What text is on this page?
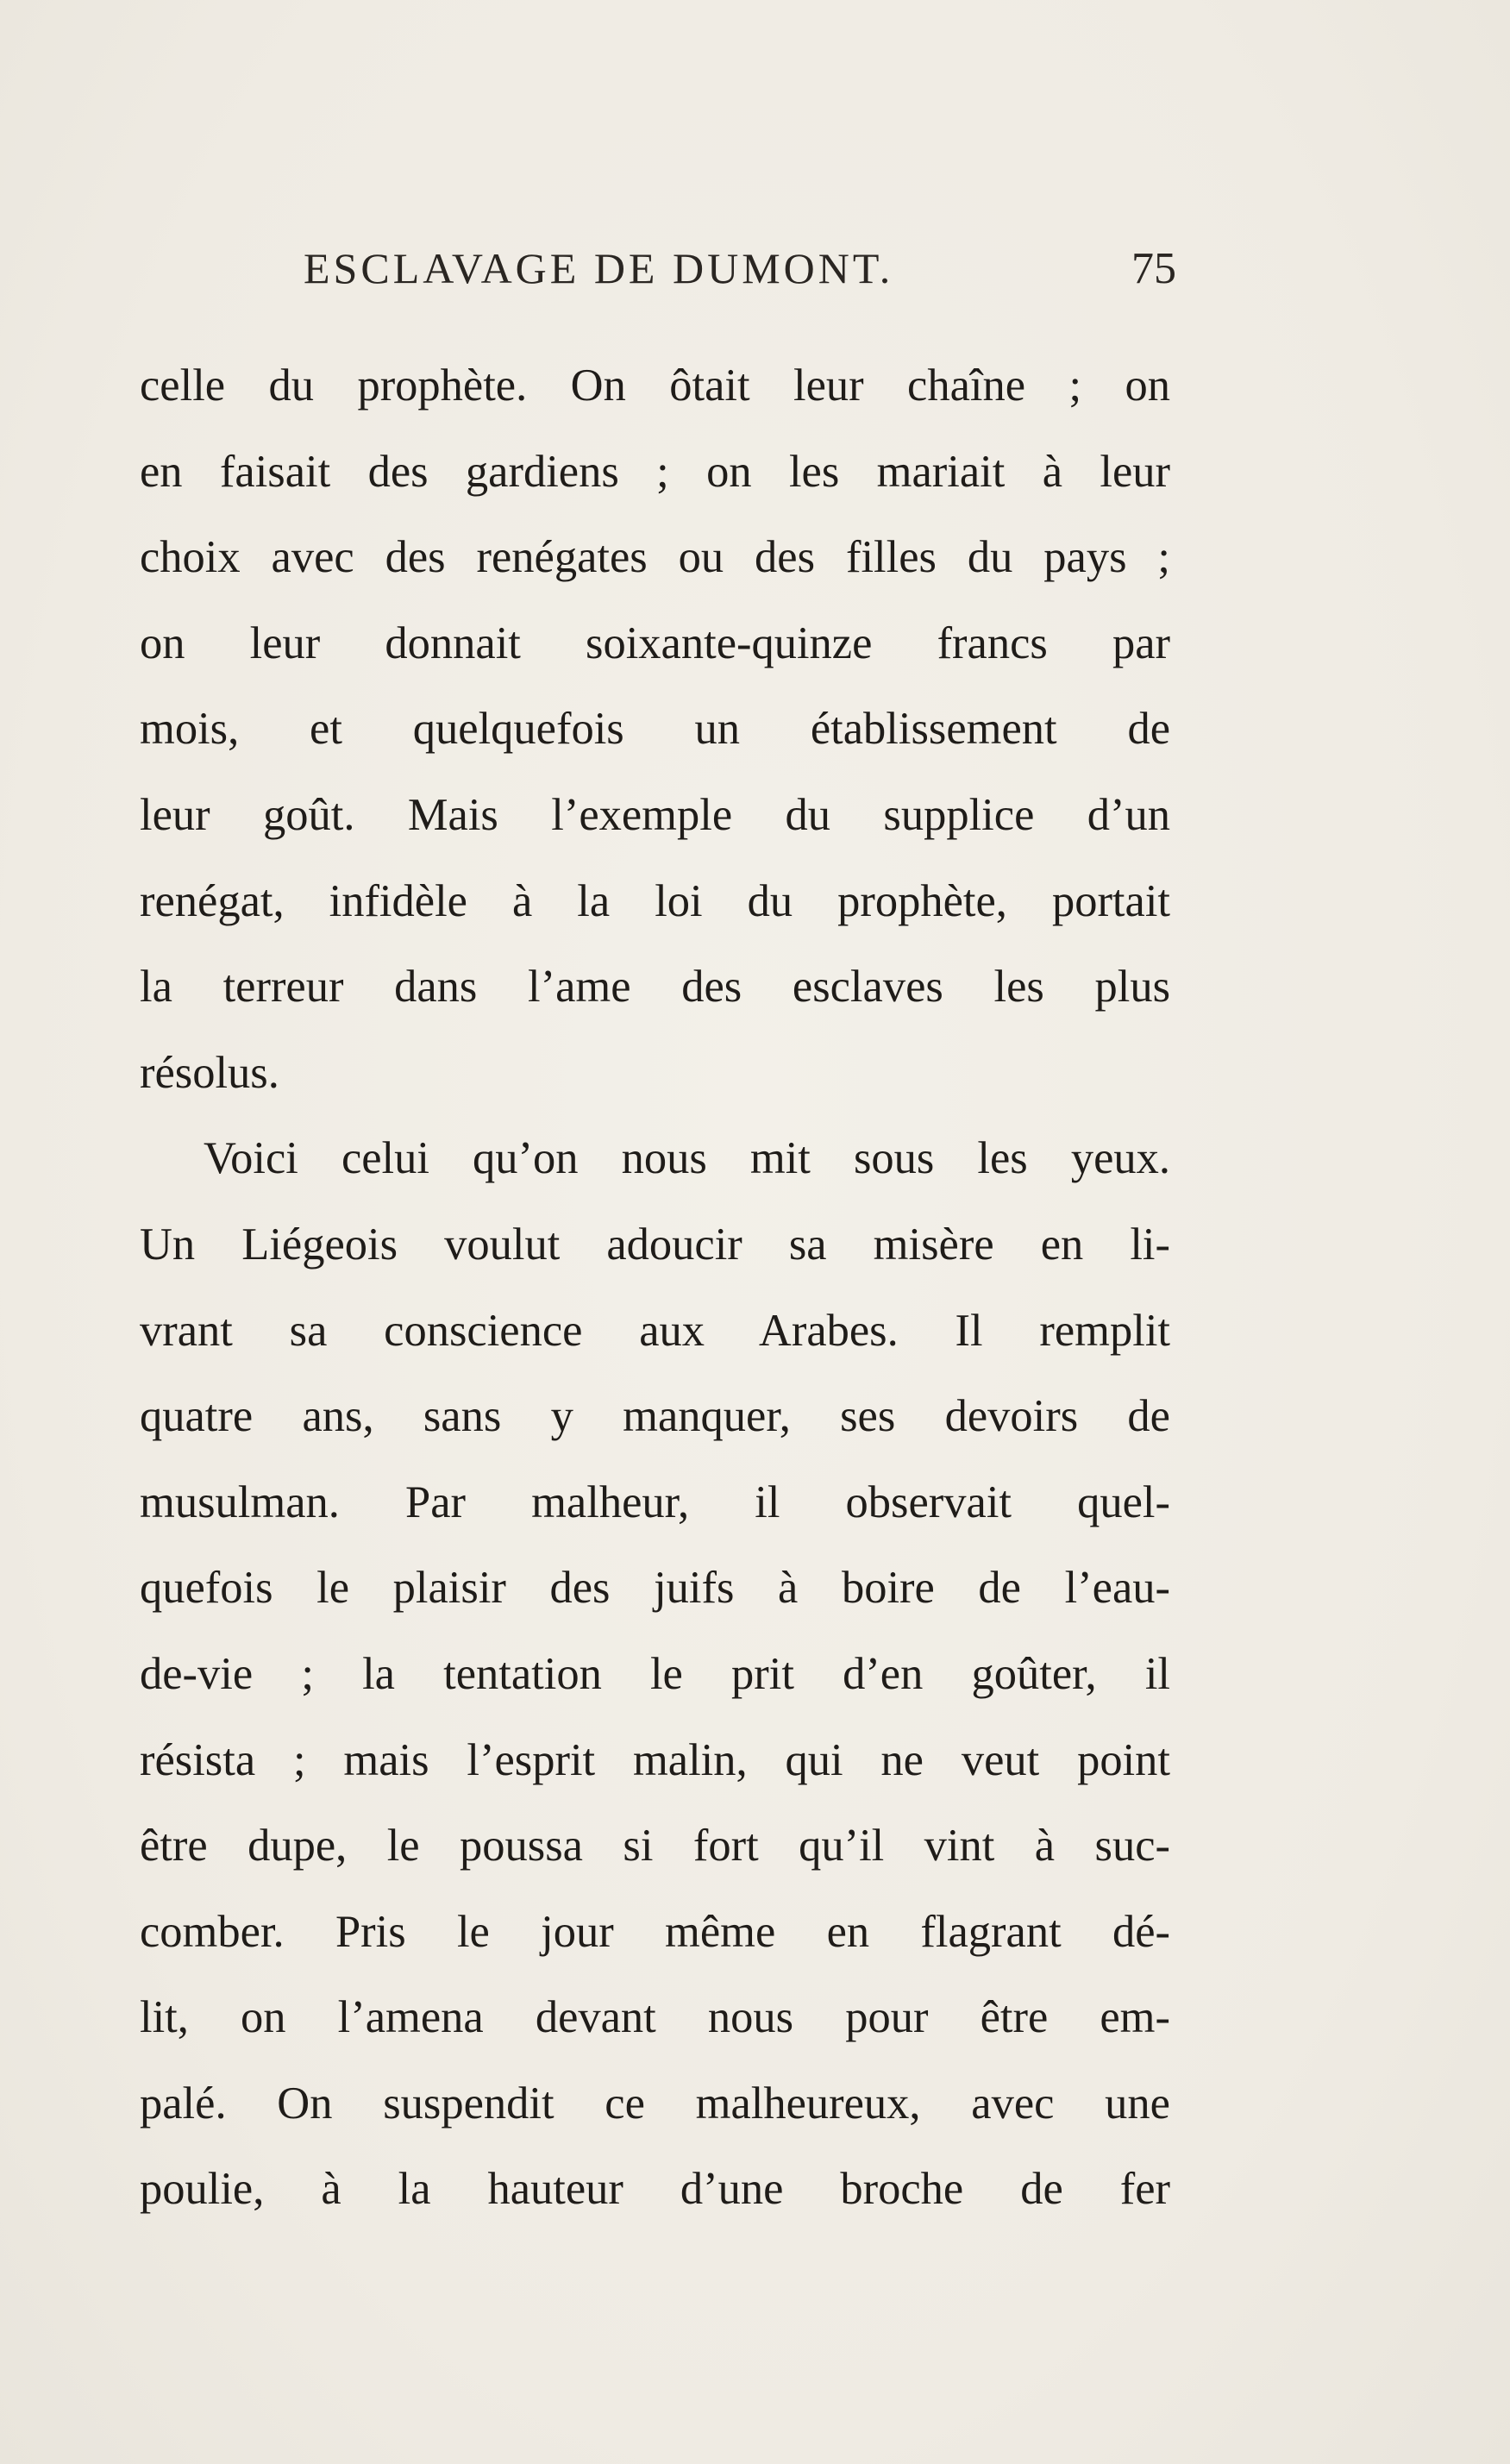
ESCLAVAGE DE DUMONT.	75
celle du prophète. On ôtait leur chaîne ; on
en faisait des gardiens ; on les mariait à leur
choix avec des renégates ou des filles du pays ;
on leur donnait soixante-quinze francs par
mois, et quelquefois un établissement de
leur goût. Mais l’exemple du supplice d’un
renégat, infidèle à la loi du prophète, portait
la terreur dans l’ame des esclaves les plus
résolus.
Voici celui qu’on nous mit sous les yeux.
Un Liégeois voulut adoucir sa misère en li-
vrant sa conscience aux Arabes. Il remplit
quatre ans, sans y manquer, ses devoirs de
musulman. Par malheur, il observait quel-
quefois le plaisir des juifs à boire de l’eau-
de-vie ; la tentation le prit d’en goûter, il
résista ; mais l’esprit malin, qui ne veut point
être dupe, le poussa si fort qu’il vint à suc-
comber. Pris le jour même en flagrant dé-
lit, on l’amena devant nous pour être em-
palé. On suspendit ce malheureux, avec une
poulie, à la hauteur d’une broche de fer
